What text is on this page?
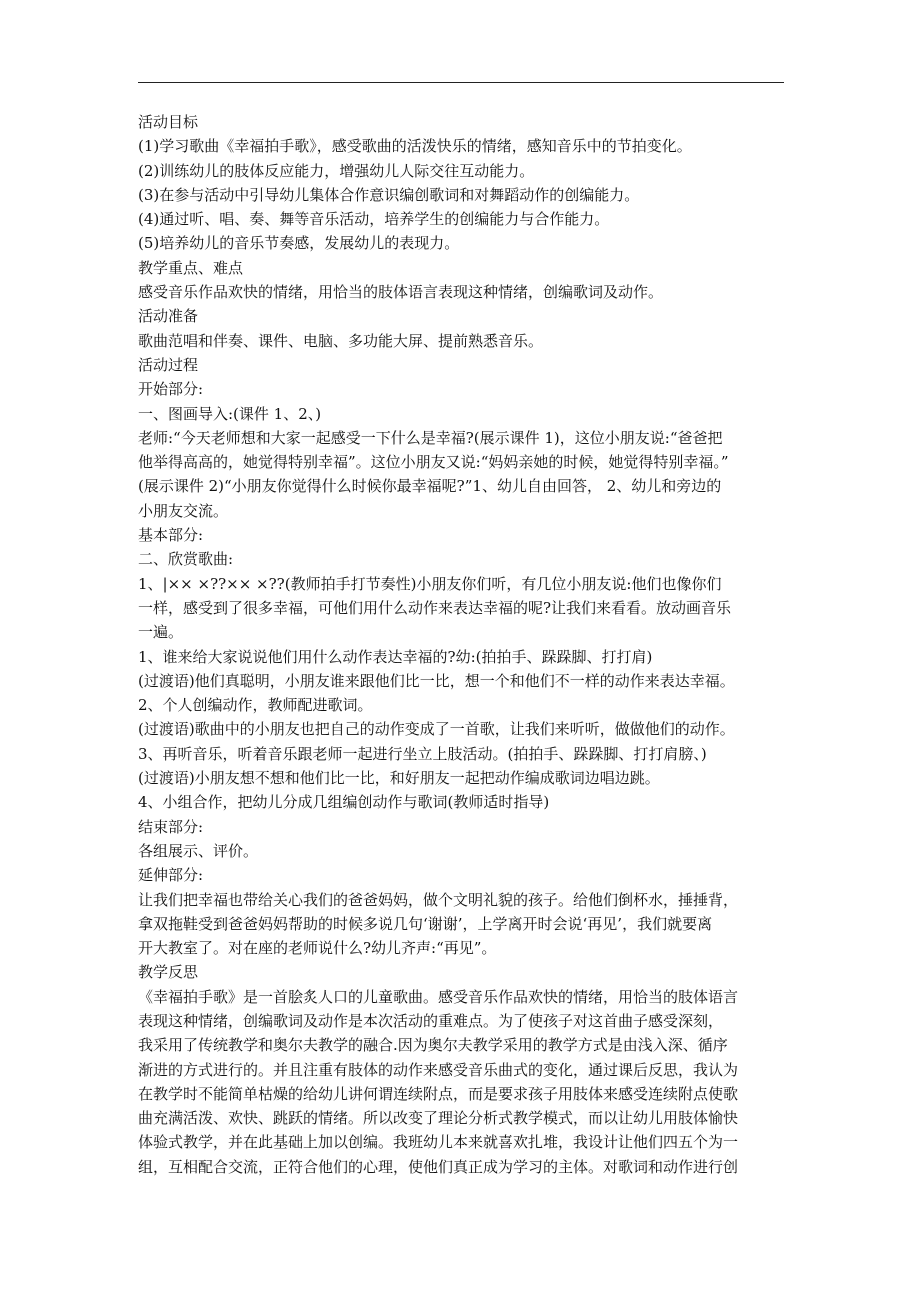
活动目标

(1)学习歌曲《幸福拍手歌》，感受歌曲的活泼快乐的情绪，感知音乐中的节拍变化。

(2)训练幼儿的肢体反应能力，增强幼儿人际交往互动能力。

(3)在参与活动中引导幼儿集体合作意识编创歌词和对舞蹈动作的创编能力。

(4)通过听、唱、奏、舞等音乐活动，培养学生的创编能力与合作能力。

(5)培养幼儿的音乐节奏感，发展幼儿的表现力。

教学重点、难点

感受音乐作品欢快的情绪，用恰当的肢体语言表现这种情绪，创编歌词及动作。

活动准备

歌曲范唱和伴奏、课件、电脑、多功能大屏、提前熟悉音乐。

活动过程

开始部分:

一、图画导入:(课件 1、2、)

老师:“今天老师想和大家一起感受一下什么是幸福?(展示课件 1)，这位小朋友说:“爸爸把

他举得高高的，她觉得特别幸福”。这位小朋友又说:“妈妈亲她的时候，她觉得特别幸福。”

(展示课件 2)“小朋友你觉得什么时候你最幸福呢?”1、幼儿自由回答， 2、幼儿和旁边的

小朋友交流。

基本部分:

二、欣赏歌曲:

1、|×× ×??×× ×??(教师拍手打节奏性)小朋友你们听，有几位小朋友说:他们也像你们

一样，感受到了很多幸福，可他们用什么动作来表达幸福的呢?让我们来看看。放动画音乐

一遍。

1、谁来给大家说说他们用什么动作表达幸福的?幼:(拍拍手、跺跺脚、打打肩)

(过渡语)他们真聪明，小朋友谁来跟他们比一比，想一个和他们不一样的动作来表达幸福。

2、个人创编动作，教师配进歌词。

(过渡语)歌曲中的小朋友也把自己的动作变成了一首歌，让我们来听听，做做他们的动作。

3、再听音乐，听着音乐跟老师一起进行坐立上肢活动。(拍拍手、跺跺脚、打打肩膀、)

(过渡语)小朋友想不想和他们比一比，和好朋友一起把动作编成歌词边唱边跳。

4、小组合作，把幼儿分成几组编创动作与歌词(教师适时指导)

结束部分:

各组展示、评价。

延伸部分:

让我们把幸福也带给关心我们的爸爸妈妈，做个文明礼貌的孩子。给他们倒杯水，捶捶背，

拿双拖鞋受到爸爸妈妈帮助的时候多说几句‘谢谢’，上学离开时会说‘再见’，我们就要离

开大教室了。对在座的老师说什么?幼儿齐声:“再见”。

教学反思

《幸福拍手歌》是一首脍炙人口的儿童歌曲。感受音乐作品欢快的情绪，用恰当的肢体语言

表现这种情绪，创编歌词及动作是本次活动的重难点。为了使孩子对这首曲子感受深刻，

我采用了传统教学和奥尔夫教学的融合.因为奥尔夫教学采用的教学方式是由浅入深、循序

渐进的方式进行的。并且注重有肢体的动作来感受音乐曲式的变化，通过课后反思，我认为

在教学时不能简单枯燥的给幼儿讲何谓连续附点，而是要求孩子用肢体来感受连续附点使歌

曲充满活泼、欢快、跳跃的情绪。所以改变了理论分析式教学模式，而以让幼儿用肢体愉快

体验式教学，并在此基础上加以创编。我班幼儿本来就喜欢扎堆，我设计让他们四五个为一

组，互相配合交流，正符合他们的心理，使他们真正成为学习的主体。对歌词和动作进行创
